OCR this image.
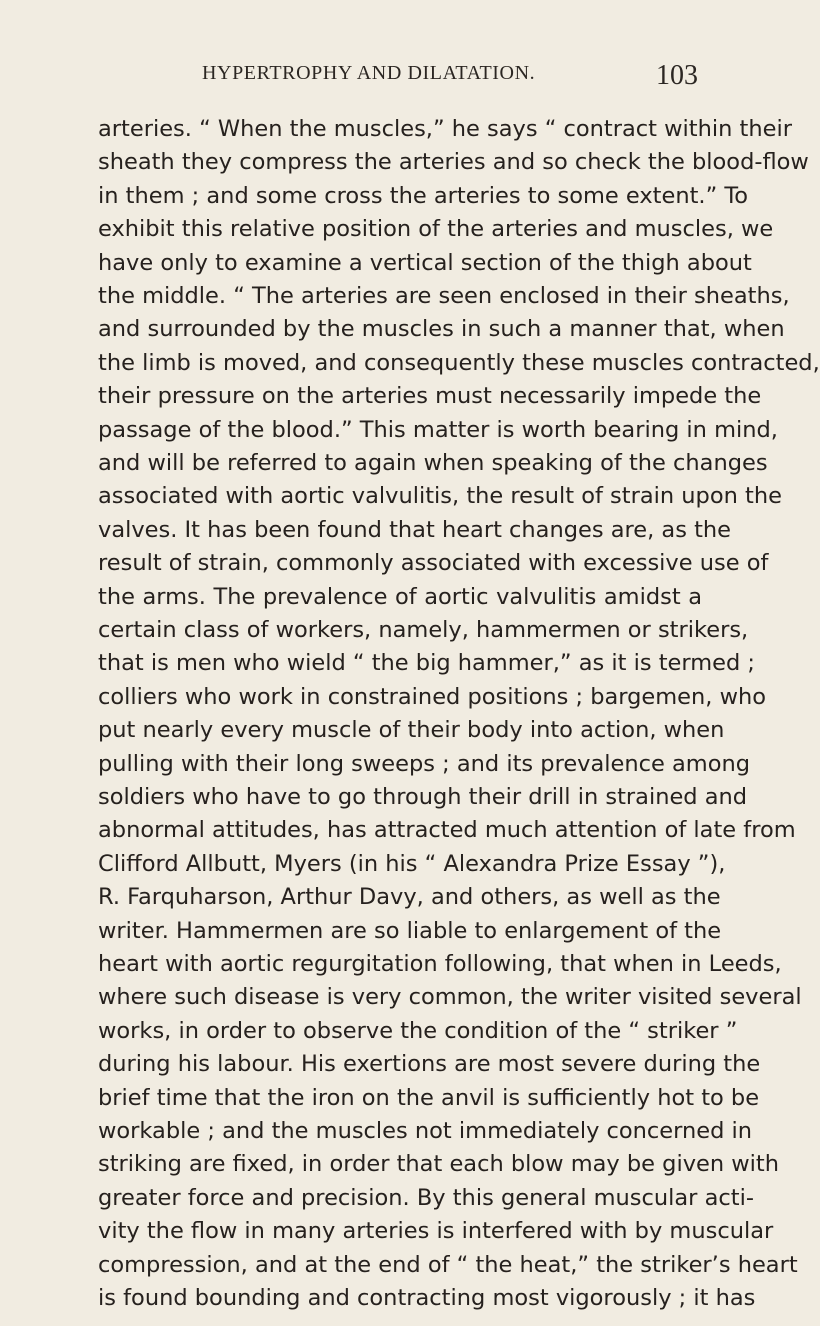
HYPERTROPHY AND DILATATION.	103
arteries. “ When the muscles,” he says “ contract within their
sheath they compress the arteries and so check the blood-flow
in them ; and some cross the arteries to some extent.” To
exhibit this relative position of the arteries and muscles, we
have only to examine a vertical section of the thigh about
the middle. “ The arteries are seen enclosed in their sheaths,
and surrounded by the muscles in such a manner that, when
the limb is moved, and consequently these muscles contracted,
their pressure on the arteries must necessarily impede the
passage of the blood.” This matter is worth bearing in mind,
and will be referred to again when speaking of the changes
associated with aortic valvulitis, the result of strain upon the
valves. It has been found that heart changes are, as the
result of strain, commonly associated with excessive use of
the arms. The prevalence of aortic valvulitis amidst a
certain class of workers, namely, hammermen or strikers,
that is men who wield “ the big hammer,” as it is termed ;
colliers who work in constrained positions ; bargemen, who
put nearly every muscle of their body into action, when
pulling with their long sweeps ; and its prevalence among
soldiers who have to go through their drill in strained and
abnormal attitudes, has attracted much attention of late from
Clifford Allbutt, Myers (in his “ Alexandra Prize Essay ”),
R. Farquharson, Arthur Davy, and others, as well as the
writer. Hammermen are so liable to enlargement of the
heart with aortic regurgitation following, that when in Leeds,
where such disease is very common, the writer visited several
works, in order to observe the condition of the “ striker ”
during his labour. His exertions are most severe during the
brief time that the iron on the anvil is sufficiently hot to be
workable ; and the muscles not immediately concerned in
striking are fixed, in order that each blow may be given with
greater force and precision. By this general muscular acti-
vity the flow in many arteries is interfered with by muscular
compression, and at the end of “ the heat,” the striker’s heart
is found bounding and contracting most vigorously ; it has
